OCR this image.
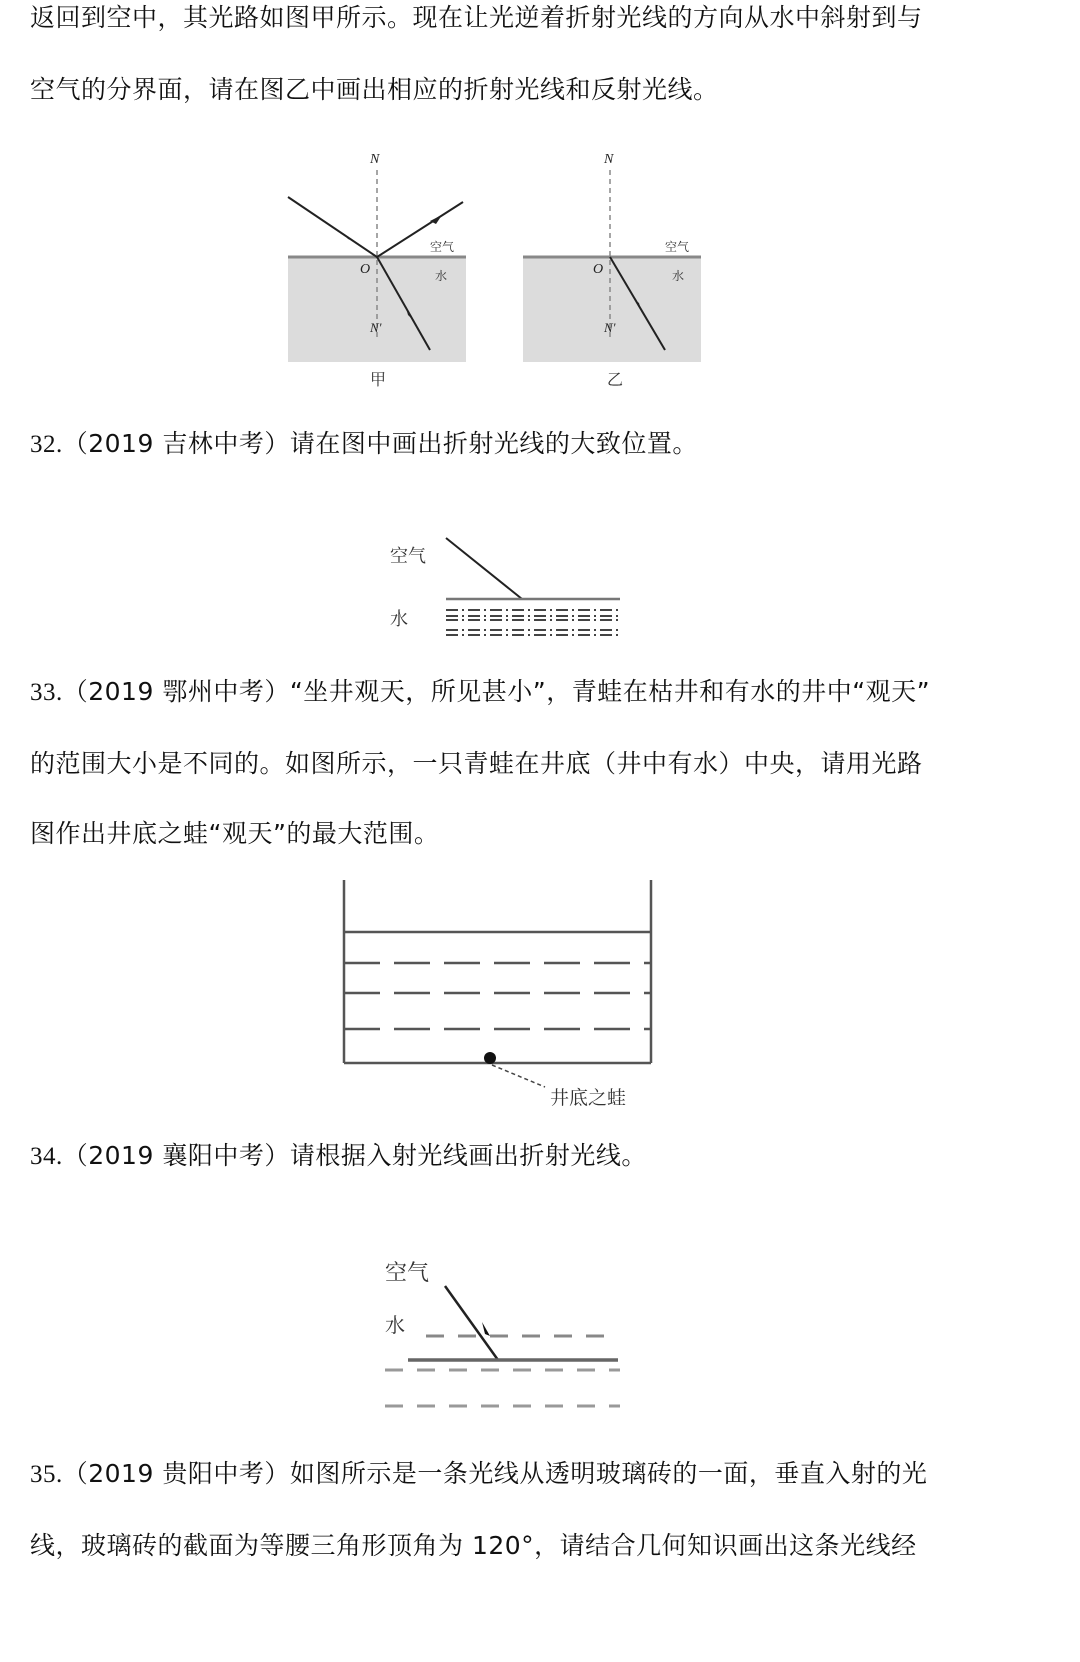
返回到空中，其光路如图甲所示。现在让光逆着折射光线的方向从水中斜射到与
空气的分界面，请在图乙中画出相应的折射光线和反射光线。
N
O
N'
空气
水
甲
N
O
N'
空气
水
乙
32.（2019 吉林中考）请在图中画出折射光线的大致位置。
空气
水
33.（2019 鄂州中考）“坐井观天，所见甚小”，青蛙在枯井和有水的井中“观天”
的范围大小是不同的。如图所示，一只青蛙在井底（井中有水）中央，请用光路
图作出井底之蛙“观天”的最大范围。
井底之蛙
34.（2019 襄阳中考）请根据入射光线画出折射光线。
空气
水
35.（2019 贵阳中考）如图所示是一条光线从透明玻璃砖的一面，垂直入射的光
线，玻璃砖的截面为等腰三角形顶角为 120°，请结合几何知识画出这条光线经
